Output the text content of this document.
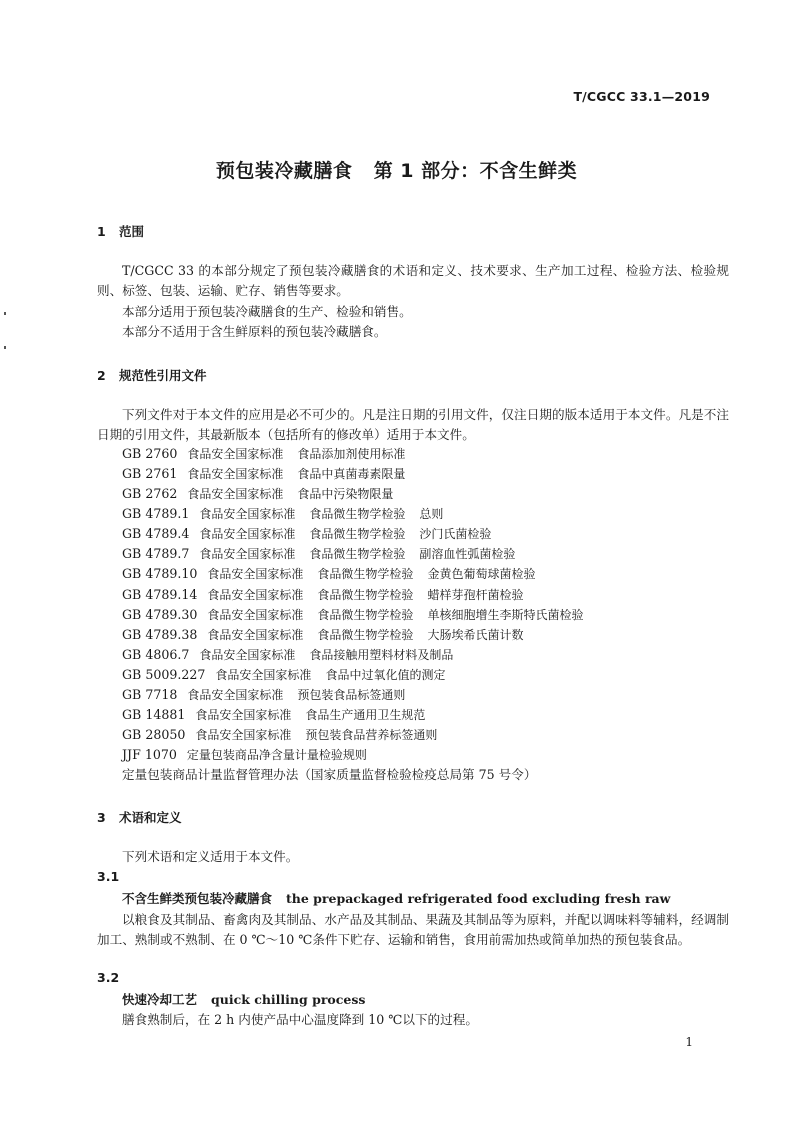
T/CGCC 33.1—2019
预包装冷藏膳食   第 1 部分：不含生鲜类
1 范围
T/CGCC 33 的本部分规定了预包装冷藏膳食的术语和定义、技术要求、生产加工过程、检验方法、检验规则、标签、包装、运输、贮存、销售等要求。
本部分适用于预包装冷藏膳食的生产、检验和销售。
本部分不适用于含生鲜原料的预包装冷藏膳食。
2 规范性引用文件
下列文件对于本文件的应用是必不可少的。凡是注日期的引用文件，仅注日期的版本适用于本文件。凡是不注日期的引用文件，其最新版本（包括所有的修改单）适用于本文件。
GB 2760 食品安全国家标准 食品添加剂使用标准
GB 2761 食品安全国家标准 食品中真菌毒素限量
GB 2762 食品安全国家标准 食品中污染物限量
GB 4789.1 食品安全国家标准 食品微生物学检验 总则
GB 4789.4 食品安全国家标准 食品微生物学检验 沙门氏菌检验
GB 4789.7 食品安全国家标准 食品微生物学检验 副溶血性弧菌检验
GB 4789.10 食品安全国家标准 食品微生物学检验 金黄色葡萄球菌检验
GB 4789.14 食品安全国家标准 食品微生物学检验 蜡样芽孢杆菌检验
GB 4789.30 食品安全国家标准 食品微生物学检验 单核细胞增生李斯特氏菌检验
GB 4789.38 食品安全国家标准 食品微生物学检验 大肠埃希氏菌计数
GB 4806.7 食品安全国家标准 食品接触用塑料材料及制品
GB 5009.227 食品安全国家标准 食品中过氧化值的测定
GB 7718 食品安全国家标准 预包装食品标签通则
GB 14881 食品安全国家标准 食品生产通用卫生规范
GB 28050 食品安全国家标准 预包装食品营养标签通则
JJF 1070 定量包装商品净含量计量检验规则
定量包装商品计量监督管理办法（国家质量监督检验检疫总局第 75 号令）
3 术语和定义
下列术语和定义适用于本文件。
3.1
不含生鲜类预包装冷藏膳食 the prepackaged refrigerated food excluding fresh raw
以粮食及其制品、畜禽肉及其制品、水产品及其制品、果蔬及其制品等为原料，并配以调味料等辅料，经调制加工、熟制或不熟制、在 0 ℃～10 ℃条件下贮存、运输和销售，食用前需加热或简单加热的预包装食品。
3.2
快速冷却工艺 quick chilling process
膳食熟制后，在 2 h 内使产品中心温度降到 10 ℃以下的过程。
1
